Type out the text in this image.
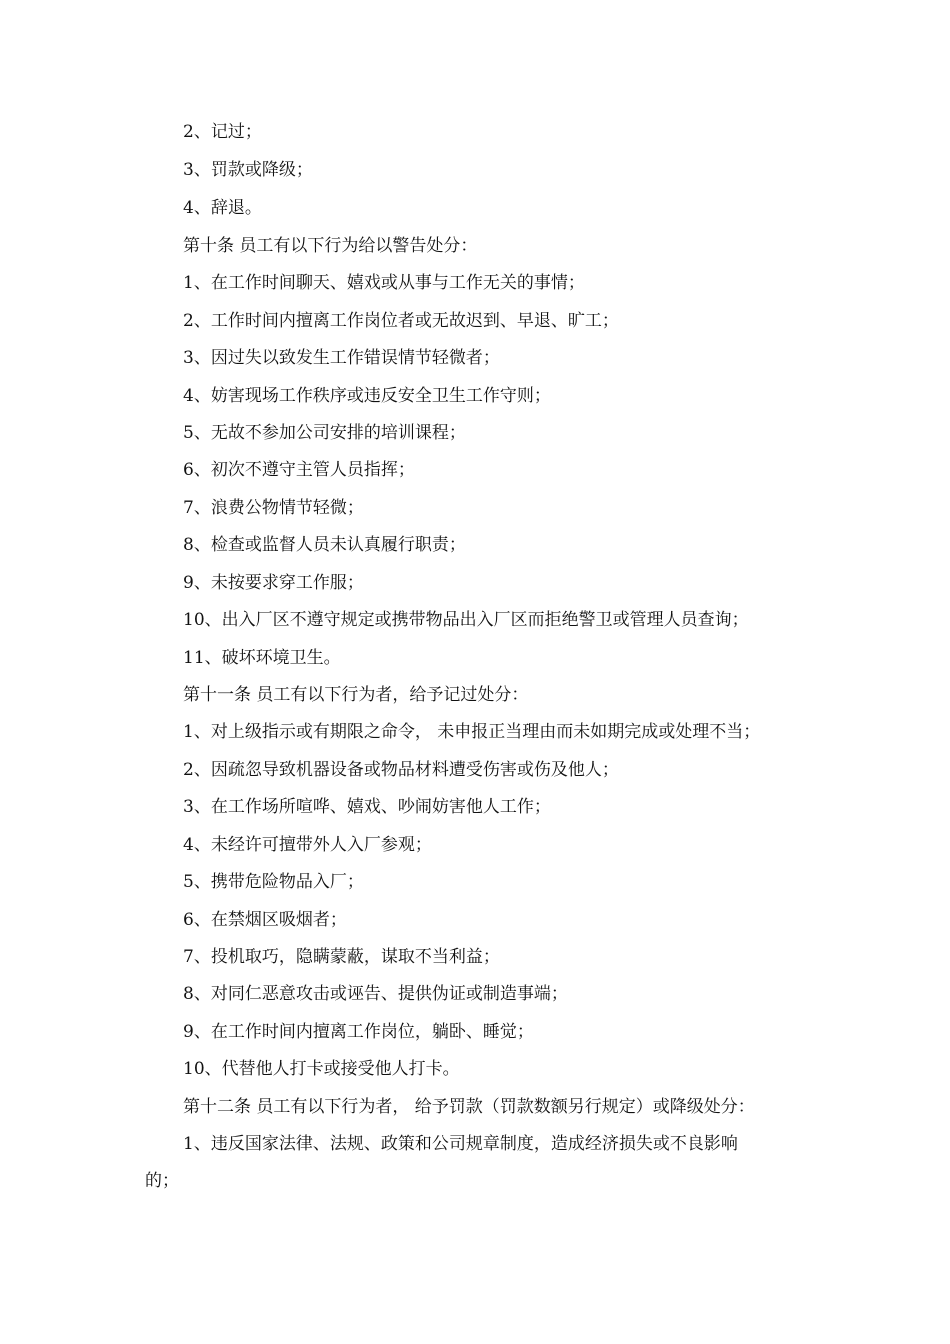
2、记过；
3、罚款或降级；
4、辞退。
第十条 员工有以下行为给以警告处分：
1、在工作时间聊天、嬉戏或从事与工作无关的事情；
2、工作时间内擅离工作岗位者或无故迟到、早退、旷工；
3、因过失以致发生工作错误情节轻微者；
4、妨害现场工作秩序或违反安全卫生工作守则；
5、无故不参加公司安排的培训课程；
6、初次不遵守主管人员指挥；
7、浪费公物情节轻微；
8、检查或监督人员未认真履行职责；
9、未按要求穿工作服；
10、出入厂区不遵守规定或携带物品出入厂区而拒绝警卫或管理人员查询；
11、破坏环境卫生。
第十一条 员工有以下行为者，给予记过处分：
1、对上级指示或有期限之命令， 未申报正当理由而未如期完成或处理不当；
2、因疏忽导致机器设备或物品材料遭受伤害或伤及他人；
3、在工作场所喧哗、嬉戏、吵闹妨害他人工作；
4、未经许可擅带外人入厂参观；
5、携带危险物品入厂；
6、在禁烟区吸烟者；
7、投机取巧，隐瞒蒙蔽，谋取不当利益；
8、对同仁恶意攻击或诬告、提供伪证或制造事端；
9、在工作时间内擅离工作岗位，躺卧、睡觉；
10、代替他人打卡或接受他人打卡。
第十二条 员工有以下行为者， 给予罚款（罚款数额另行规定）或降级处分：
1、违反国家法律、法规、政策和公司规章制度，造成经济损失或不良影响
的；
